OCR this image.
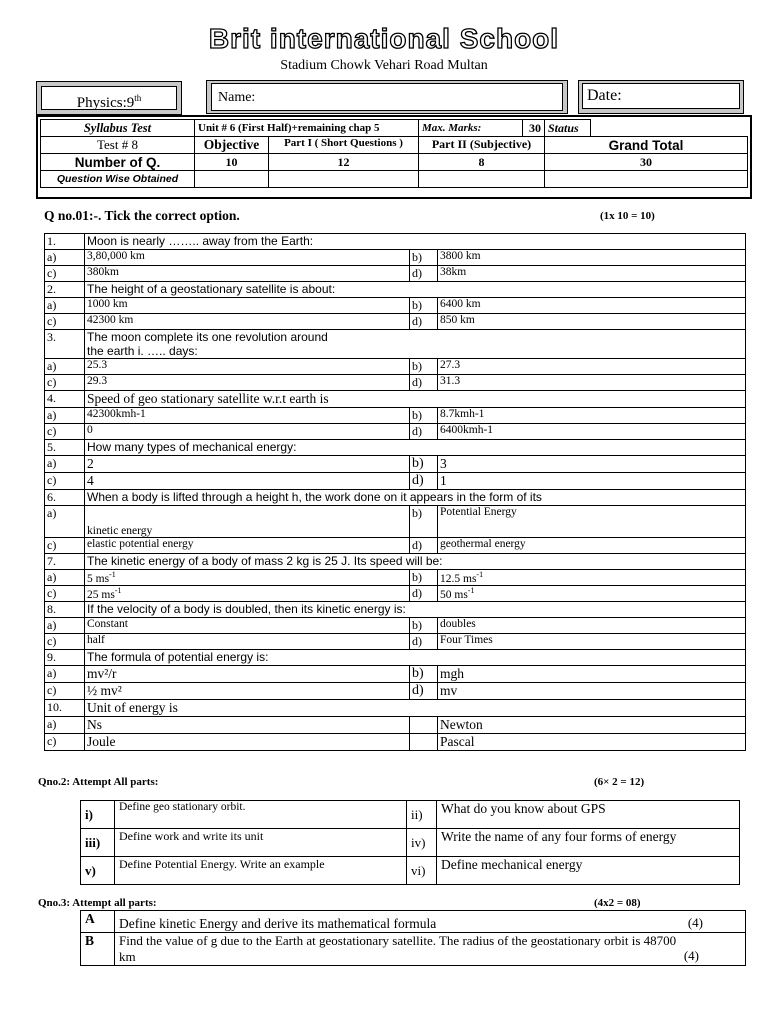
Brit international School
Stadium Chowk Vehari Road Multan
Physics:9th	Name:	Date:
Syllabus Test	Unit # 6 (First Half)+remaining chap 5		Max. Marks:	30	Status	
Test # 8	Objective	Part I ( Short Questions )	Part II (Subjective)		Grand Total	
Number of Q.	10	12	8		30	
Question Wise Obtained						
Q no.01:-. Tick the correct option.	(1x 10 = 10)
1.	Moon is nearly …….. away from the Earth:		

a)	3,80,000 km	b)	3800 km
c)	380km	d)	38km
2.	The height of a geostationary satellite is about:		

a)	1000 km	b)	6400 km
c)	42300 km	d)	850 km
3.	The moon complete its one revolution around
the earth i. ….. days:		

a)	25.3	b)	27.3
c)	29.3	d)	31.3
4.	Speed of geo stationary satellite w.r.t earth is		

a)	42300kmh-1	b)	8.7kmh-1
c)	0	d)	6400kmh-1
5.	How many types of mechanical energy:		

a)	2	b)	3
c)	4	d)	1
6.	When a body is lifted through a height h, the work done on it appears in the form of its		

a)	kinetic energy	b)	Potential Energy
c)	elastic potential energy	d)	geothermal energy
7.	The kinetic energy of a body of mass 2 kg is 25 J. Its speed will be:		

a)	5 $ms^{-1}$	b)	12.5 $ms^{-1}$
c)	25 $ms^{-1}$	d)	50 $ms^{-1}$
8.	If the velocity of a body is doubled, then its kinetic energy is:		

a)	Constant	b)	doubles
c)	half	d)	Four Times
9.	The formula of potential energy is:		

a)	mv²/r	b)	mgh
c)	½ mv²	d)	mv
10.	Unit of energy is		

a)	Ns		Newton
c)	Joule		Pascal
Qno.2: Attempt All parts:	(6× 2 = 12)
i)	Define geo stationary orbit.	ii)	What do you know about GPS
iii)	Define work and write its unit	iv)	Write the name of any four forms of energy
v)	Define Potential Energy. Write an example	vi)	Define mechanical energy
Qno.3: Attempt all parts:	(4x2 = 08)
A	Define kinetic Energy and derive its mathematical formula (4)

B	Find the value of g due to the Earth at geostationary satellite. The radius of the geostationary orbit is 48700
km (4)
